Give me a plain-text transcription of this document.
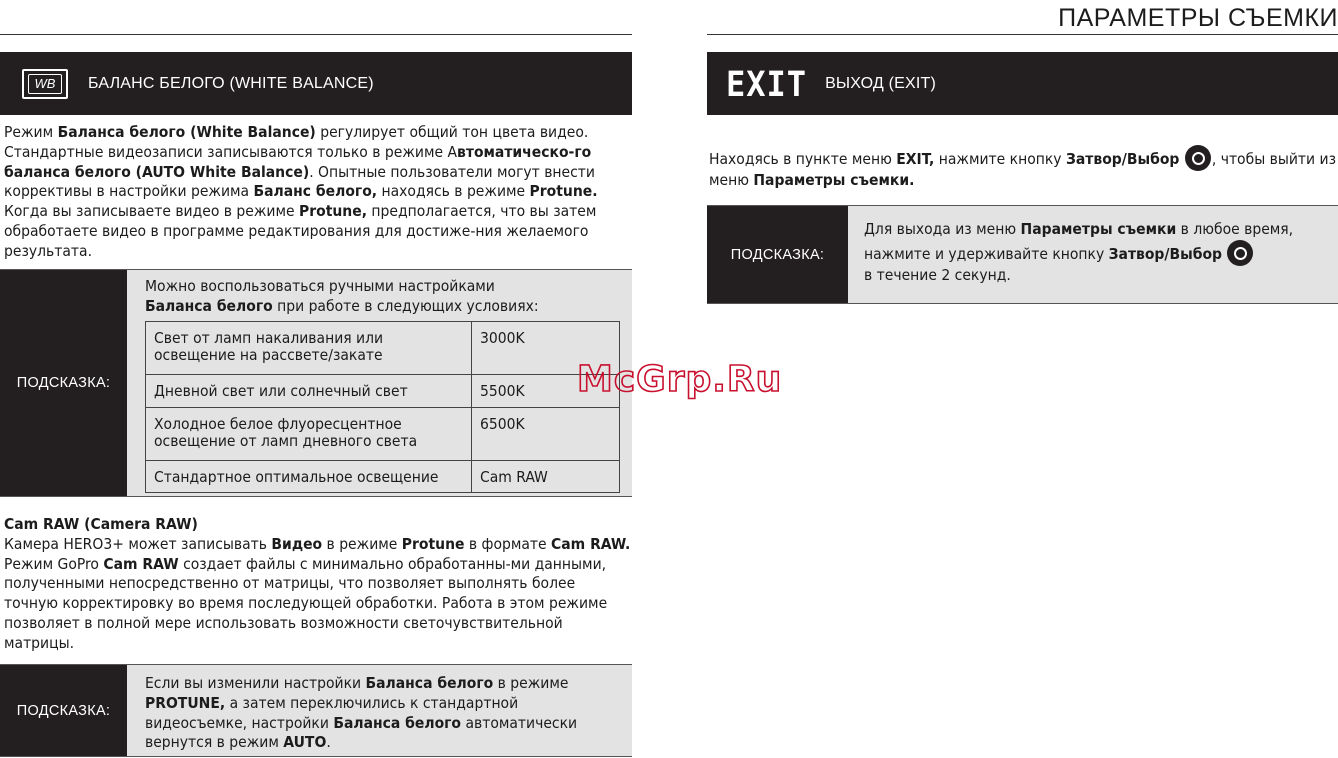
WB	БАЛАНС БЕЛОГО (WHITE BALANCE)

Режим Баланса белого (White Balance) регулирует общий тон цвета видео. Стандартные видеозаписи записываются только в режиме Автоматическо-го баланса белого (AUTO White Balance). Опытные пользователи могут внести коррективы в настройки режима Баланс белого, находясь в режиме Protune. Когда вы записываете видео в режиме Protune, предполагается, что вы затем обработаете видео в программе редактирования для достиже-ния желаемого результата.

ПОДСКАЗКА:
Можно воспользоваться ручными настройками
Баланса белого при работе в следующих условиях:
Свет от ламп накаливания или освещение на рассвете/закате	3000K
Дневной свет или солнечный свет	5500K
Холодное белое флуоресцентное освещение от ламп дневного света	6500K
Стандартное оптимальное освещение	Cam RAW

Cam RAW (Camera RAW)
Камера HERO3+ может записывать Видео в режиме Protune в формате Cam RAW. Режим GoPro Cam RAW создает файлы с минимально обработанны-ми данными, полученными непосредственно от матрицы, что позволяет выполнять более точную корректировку во время последующей обработки. Работа в этом режиме позволяет в полной мере использовать возможности светочувствительной матрицы.

ПОДСКАЗКА:
Если вы изменили настройки Баланса белого в режиме PROTUNE, а затем переключились к стандартной видеосъемке, настройки Баланса белого автоматически вернутся в режим AUTO.
ПАРАМЕТРЫ СЪЕМКИ
EXIT ВЫХОД (EXIT)

Находясь в пункте меню EXIT, нажмите кнопку Затвор/Выбор , чтобы выйти из меню Параметры съемки.

ПОДСКАЗКА:
Для выхода из меню Параметры съемки в любое время, нажмите и удерживайте кнопку Затвор/Выбор
в течение 2 секунд.
McGrp.Ru
